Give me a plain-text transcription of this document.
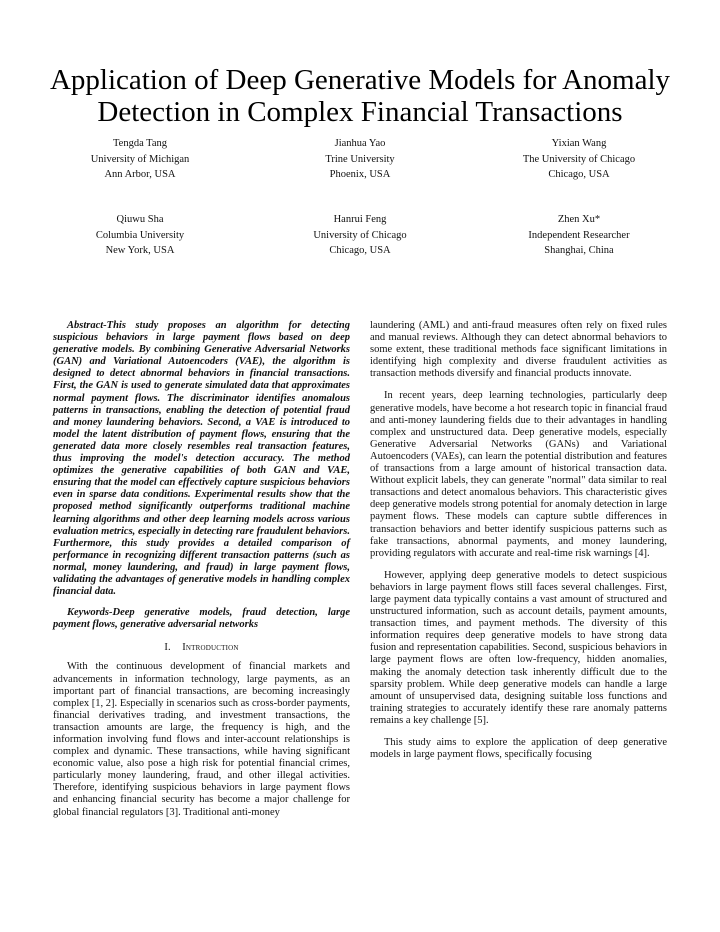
Application of Deep Generative Models for Anomaly Detection in Complex Financial Transactions
Tengda Tang
University of Michigan
Ann Arbor, USA
Jianhua Yao
Trine University
Phoenix, USA
Yixian Wang
The University of Chicago
Chicago, USA
Qiuwu Sha
Columbia University
New York, USA
Hanrui Feng
University of Chicago
Chicago, USA
Zhen Xu*
Independent Researcher
Shanghai, China

Abstract-This study proposes an algorithm for detecting suspicious behaviors in large payment flows based on deep generative models. By combining Generative Adversarial Networks (GAN) and Variational Autoencoders (VAE), the algorithm is designed to detect abnormal behaviors in financial transactions. First, the GAN is used to generate simulated data that approximates normal payment flows. The discriminator identifies anomalous patterns in transactions, enabling the detection of potential fraud and money laundering behaviors. Second, a VAE is introduced to model the latent distribution of payment flows, ensuring that the generated data more closely resembles real transaction features, thus improving the model's detection accuracy. The method optimizes the generative capabilities of both GAN and VAE, ensuring that the model can effectively capture suspicious behaviors even in sparse data conditions. Experimental results show that the proposed method significantly outperforms traditional machine learning algorithms and other deep learning models across various evaluation metrics, especially in detecting rare fraudulent behaviors. Furthermore, this study provides a detailed comparison of performance in recognizing different transaction patterns (such as normal, money laundering, and fraud) in large payment flows, validating the advantages of generative models in handling complex financial data.

Keywords-Deep generative models, fraud detection, large payment flows, generative adversarial networks

I. Introduction

With the continuous development of financial markets and advancements in information technology, large payments, as an important part of financial transactions, are becoming increasingly complex [1, 2]. Especially in scenarios such as cross-border payments, financial derivatives trading, and investment transactions, the transaction amounts are large, the frequency is high, and the information involving fund flows and inter-account relationships is complex and dynamic. These transactions, while having significant economic value, also pose a high risk for potential financial crimes, particularly money laundering, fraud, and other illegal activities. Therefore, identifying suspicious behaviors in large payment flows and enhancing financial security has become a major challenge for global financial regulators [3]. Traditional anti-money

laundering (AML) and anti-fraud measures often rely on fixed rules and manual reviews. Although they can detect abnormal behaviors to some extent, these traditional methods face significant limitations in identifying high complexity and diverse fraudulent activities as transaction methods diversify and financial products innovate.

In recent years, deep learning technologies, particularly deep generative models, have become a hot research topic in financial fraud and anti-money laundering fields due to their advantages in handling complex and unstructured data. Deep generative models, especially Generative Adversarial Networks (GANs) and Variational Autoencoders (VAEs), can learn the potential distribution and features of transactions from a large amount of historical transaction data. Without explicit labels, they can generate "normal" data similar to real transactions and detect anomalous behaviors. This characteristic gives deep generative models strong potential for anomaly detection in large payment flows. These models can capture subtle differences in transaction behaviors and better identify suspicious patterns such as fake transactions, abnormal payments, and money laundering, providing regulators with accurate and real-time risk warnings [4].

However, applying deep generative models to detect suspicious behaviors in large payment flows still faces several challenges. First, large payment data typically contains a vast amount of structured and unstructured information, such as account details, payment amounts, transaction times, and payment methods. The diversity of this information requires deep generative models to have strong data fusion and representation capabilities. Second, suspicious behaviors in large payment flows are often low-frequency, hidden anomalies, making the anomaly detection task inherently difficult due to the sparsity problem. While deep generative models can handle a large amount of unsupervised data, designing suitable loss functions and training strategies to accurately identify these rare anomaly patterns remains a key challenge [5].

This study aims to explore the application of deep generative models in large payment flows, specifically focusing
